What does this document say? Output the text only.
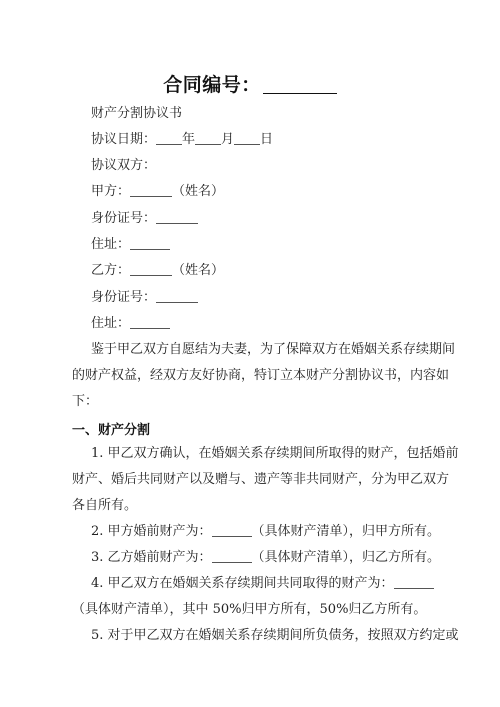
合同编号：
财产分割协议书
协议日期： 年 月 日
协议双方：
甲方：	（姓名）
身份证号：
住址：
乙方：	（姓名）
身份证号：
住址：
鉴于甲乙双方自愿结为夫妻，为了保障双方在婚姻关系存续期间
的财产权益，经双方友好协商，特订立本财产分割协议书，内容如
下：
一、财产分割
1. 甲乙双方确认，在婚姻关系存续期间所取得的财产，包括婚前
财产、婚后共同财产以及赠与、遗产等非共同财产，分为甲乙双方
各自所有。
2. 甲方婚前财产为：	（具体财产清单），归甲方所有。
3. 乙方婚前财产为：	（具体财产清单），归乙方所有。
4. 甲乙双方在婚姻关系存续期间共同取得的财产为：
（具体财产清单），其中 50%归甲方所有，50%归乙方所有。
5. 对于甲乙双方在婚姻关系存续期间所负债务，按照双方约定或
